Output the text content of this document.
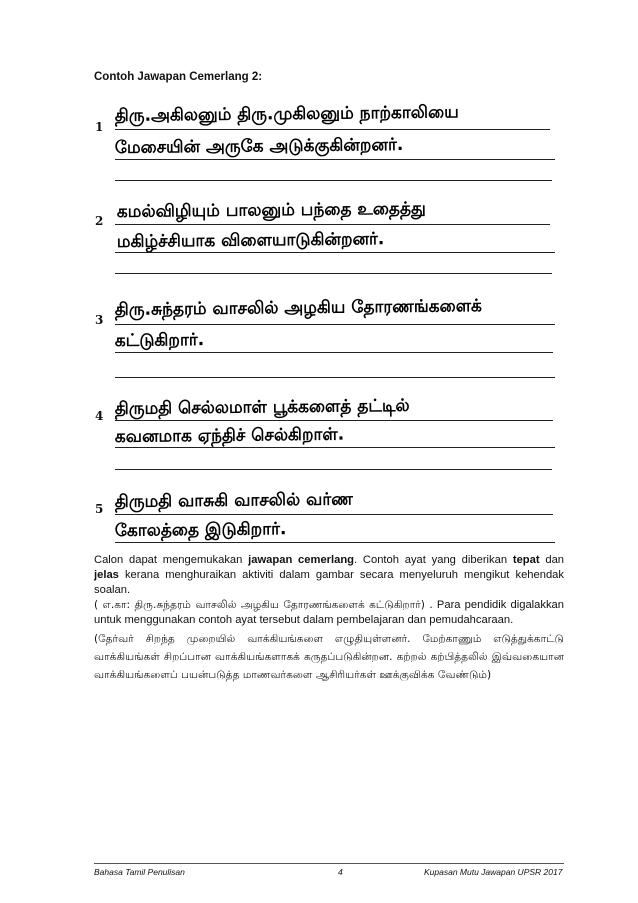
Contoh Jawapan Cemerlang 2:
1
திரு.அகிலனும் திரு.முகிலனும் நாற்காலியை
மேசையின் அருகே அடுக்குகின்றனர்.
2 கமல்விழியும் பாலனும் பந்தை உதைத்து
மகிழ்ச்சியாக விளையாடுகின்றனர்.
3 திரு.சுந்தரம் வாசலில் அழகிய தோரணங்களைக்
கட்டுகிறார்.
4 திருமதி செல்லமாள் பூக்களைத் தட்டில்
கவனமாக ஏந்திச் செல்கிறாள்.
5 திருமதி வாசுகி வாசலில் வர்ண
கோலத்தை இடுகிறார்.

Calon dapat mengemukakan jawapan cemerlang. Contoh ayat yang diberikan tepat dan jelas kerana menghuraikan aktiviti dalam gambar secara menyeluruh mengikut kehendak soalan.

( எ.கா: திரு.சுந்தரம் வாசலில் அழகிய தோரணங்களைக் கட்டுகிறார்) . Para pendidik digalakkan untuk menggunakan contoh ayat tersebut dalam pembelajaran dan pemudahcaraan.

(தேர்வர் சிறந்த முறையில் வாக்கியங்களை எழுதியுள்ளனர். மேற்காணும் எடுத்துக்காட்டு வாக்கியங்கள் சிறப்பான வாக்கியங்களாகக் கருதப்படுகின்றன. கற்றல் கற்பித்தலில் இவ்வகையான வாக்கியங்களைப் பயன்படுத்த மாணவர்களை ஆசிரியர்கள் ஊக்குவிக்க வேண்டும்)

Bahasa Tamil Penulisan	4	Kupasan Mutu Jawapan UPSR 2017
